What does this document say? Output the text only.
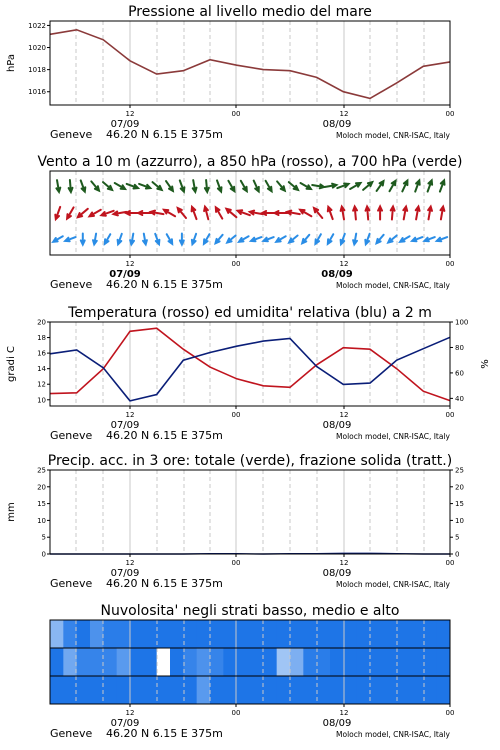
Pressione al livello medio del mare
1016
1018
1020
1022
hPa
12	00	12	00
07/09	08/09
Geneve 46.20 N 6.15 E 375m	Moloch model, CNR-ISAC, Italy
Vento a 10 m (azzurro), a 850 hPa (rosso), a 700 hPa (verde)
12	00	12	00
07/09	08/09
Geneve 46.20 N 6.15 E 375m	Moloch model, CNR-ISAC, Italy
Temperatura (rosso) ed umidita' relativa (blu) a 2 m
10
12
14
16
18
20
40
60
80
100
gradi C	%
12	00	12	00
07/09	08/09
Geneve 46.20 N 6.15 E 375m	Moloch model, CNR-ISAC, Italy
Precip. acc. in 3 ore: totale (verde), frazione solida (tratt.)
0
5
10
15
20
25
0
5
10
15
20
25
mm
12	00	12	00
07/09	08/09
Geneve 46.20 N 6.15 E 375m	Moloch model, CNR-ISAC, Italy
Nuvolosita' negli strati basso, medio e alto
12	00	12	00
07/09	08/09
Geneve 46.20 N 6.15 E 375m	Moloch model, CNR-ISAC, Italy
